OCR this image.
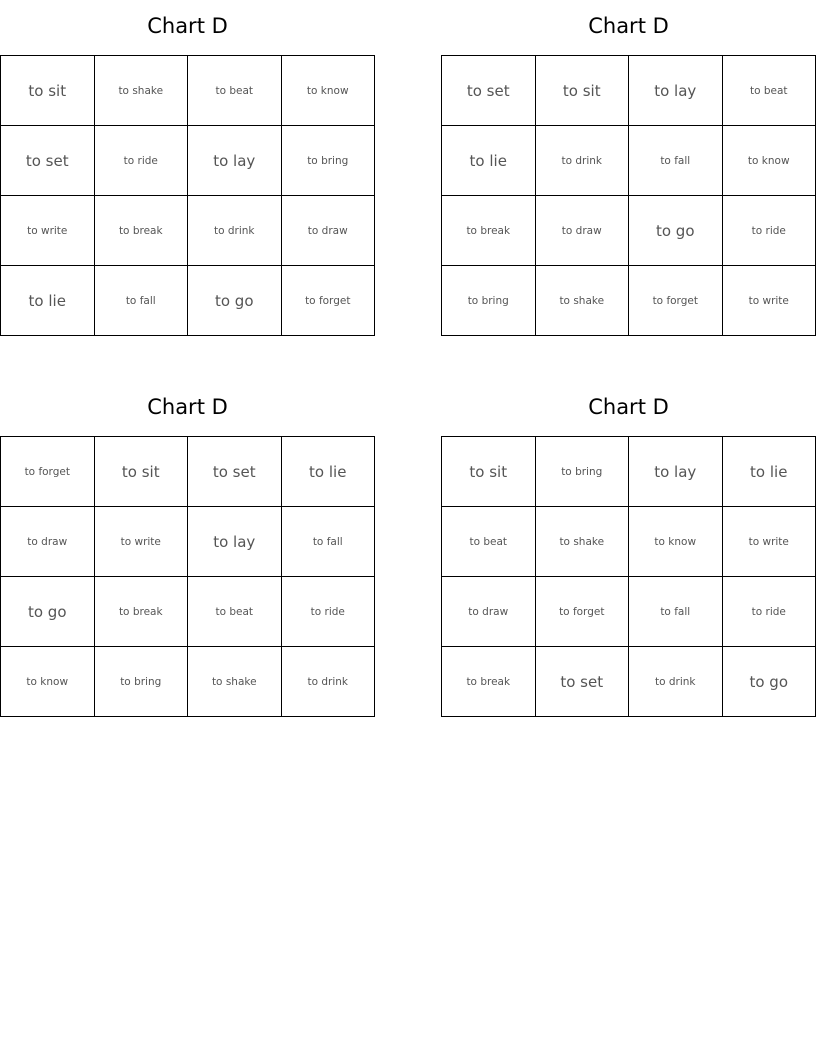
Chart D
to sit	to shake	to beat	to know
to set	to ride	to lay	to bring
to write	to break	to drink	to draw
to lie	to fall	to go	to forget
Chart D
to set	to sit	to lay	to beat
to lie	to drink	to fall	to know
to break	to draw	to go	to ride
to bring	to shake	to forget	to write
Chart D
to forget	to sit	to set	to lie
to draw	to write	to lay	to fall
to go	to break	to beat	to ride
to know	to bring	to shake	to drink
Chart D
to sit	to bring	to lay	to lie
to beat	to shake	to know	to write
to draw	to forget	to fall	to ride
to break	to set	to drink	to go
